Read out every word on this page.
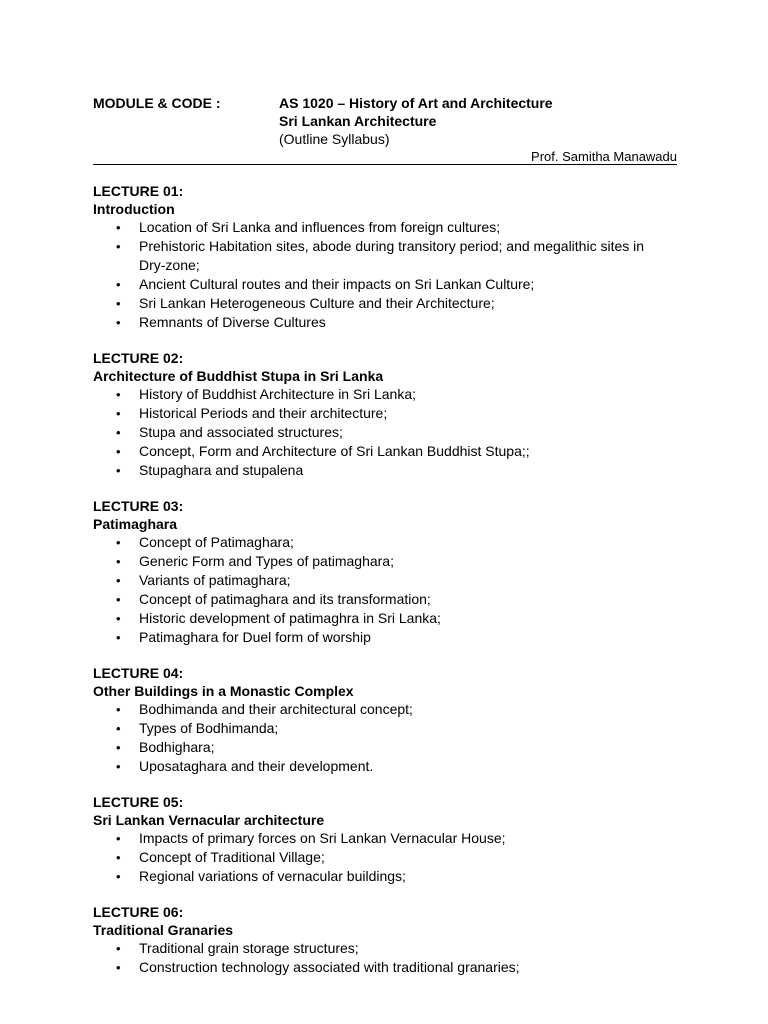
MODULE & CODE :	AS 1020 – History of Art and Architecture
Sri Lankan Architecture
(Outline Syllabus)
Prof. Samitha Manawadu
LECTURE 01:
Introduction
• Location of Sri Lanka and influences from foreign cultures;
• Prehistoric Habitation sites, abode during transitory period; and megalithic sites in Dry-zone;
• Ancient Cultural routes and their impacts on Sri Lankan Culture;
• Sri Lankan Heterogeneous Culture and their Architecture;
• Remnants of Diverse Cultures
LECTURE 02:
Architecture of Buddhist Stupa in Sri Lanka
• History of Buddhist Architecture in Sri Lanka;
• Historical Periods and their architecture;
• Stupa and associated structures;
• Concept, Form and Architecture of Sri Lankan Buddhist Stupa;;
• Stupaghara and stupalena
LECTURE 03:
Patimaghara
• Concept of Patimaghara;
• Generic Form and Types of patimaghara;
• Variants of patimaghara;
• Concept of patimaghara and its transformation;
• Historic development of patimaghra in Sri Lanka;
• Patimaghara for Duel form of worship
LECTURE 04:
Other Buildings in a Monastic Complex
• Bodhimanda and their architectural concept;
• Types of Bodhimanda;
• Bodhighara;
• Uposataghara and their development.
LECTURE 05:
Sri Lankan Vernacular architecture
• Impacts of primary forces on Sri Lankan Vernacular House;
• Concept of Traditional Village;
• Regional variations of vernacular buildings;
LECTURE 06:
Traditional Granaries
• Traditional grain storage structures;
• Construction technology associated with traditional granaries;
